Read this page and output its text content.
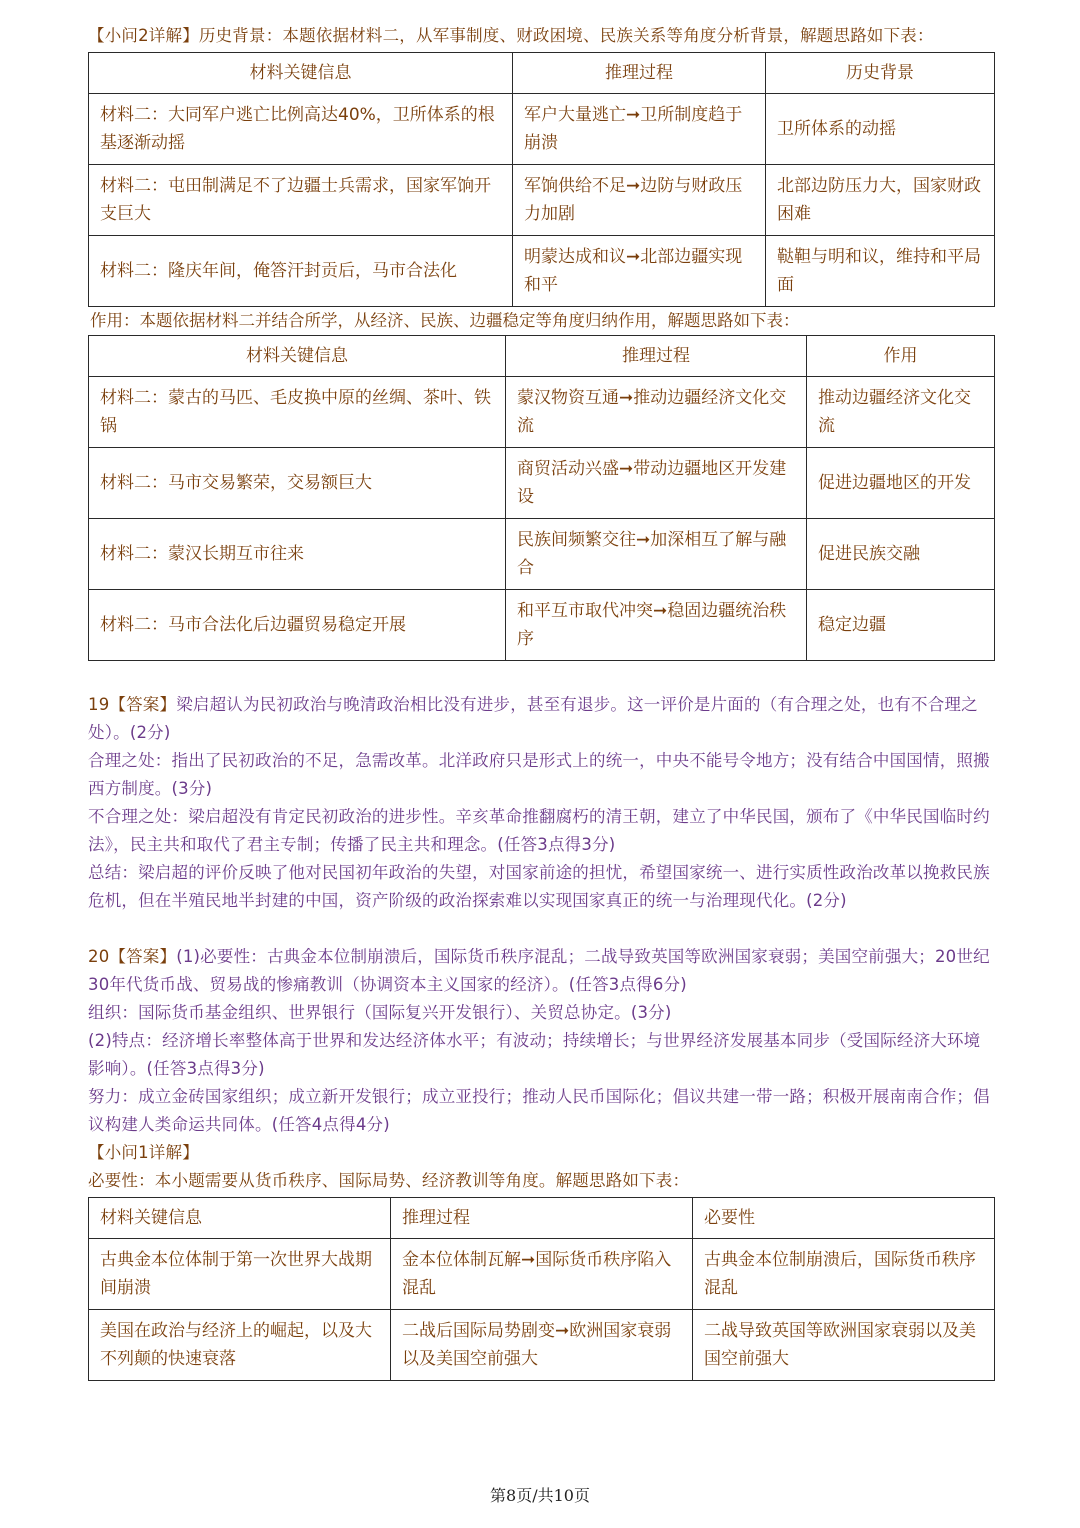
【小问2详解】历史背景：本题依据材料二，从军事制度、财政困境、民族关系等角度分析背景，解题思路如下表：
材料关键信息	推理过程	历史背景
材料二：大同军户逃亡比例高达40%，卫所体系的根基逐渐动摇	军户大量逃亡➞卫所制度趋于崩溃	卫所体系的动摇
材料二：屯田制满足不了边疆士兵需求，国家军饷开支巨大	军饷供给不足➞边防与财政压力加剧	北部边防压力大，国家财政困难
材料二：隆庆年间，俺答汗封贡后，马市合法化	明蒙达成和议➞北部边疆实现和平	鞑靼与明和议，维持和平局面
作用：本题依据材料二并结合所学，从经济、民族、边疆稳定等角度归纳作用，解题思路如下表：
材料关键信息	推理过程	作用
材料二：蒙古的马匹、毛皮换中原的丝绸、茶叶、铁锅	蒙汉物资互通➞推动边疆经济文化交流	推动边疆经济文化交流
材料二：马市交易繁荣，交易额巨大	商贸活动兴盛➞带动边疆地区开发建设	促进边疆地区的开发
材料二：蒙汉长期互市往来	民族间频繁交往➞加深相互了解与融合	促进民族交融
材料二：马市合法化后边疆贸易稳定开展	和平互市取代冲突➞稳固边疆统治秩序	稳定边疆
19【答案】梁启超认为民初政治与晚清政治相比没有进步，甚至有退步。这一评价是片面的（有合理之处，也有不合理之处）。(2分)
合理之处：指出了民初政治的不足，急需改革。北洋政府只是形式上的统一，中央不能号令地方；没有结合中国国情，照搬西方制度。(3分)
不合理之处：梁启超没有肯定民初政治的进步性。辛亥革命推翻腐朽的清王朝，建立了中华民国，颁布了《中华民国临时约法》，民主共和取代了君主专制；传播了民主共和理念。(任答3点得3分)
总结：梁启超的评价反映了他对民国初年政治的失望，对国家前途的担忧，希望国家统一、进行实质性政治改革以挽救民族危机，但在半殖民地半封建的中国，资产阶级的政治探索难以实现国家真正的统一与治理现代化。(2分)
20【答案】(1)必要性：古典金本位制崩溃后，国际货币秩序混乱；二战导致英国等欧洲国家衰弱；美国空前强大；20世纪30年代货币战、贸易战的惨痛教训（协调资本主义国家的经济）。(任答3点得6分)
组织：国际货币基金组织、世界银行（国际复兴开发银行）、关贸总协定。(3分)
(2)特点：经济增长率整体高于世界和发达经济体水平；有波动；持续增长；与世界经济发展基本同步（受国际经济大环境影响）。(任答3点得3分)
努力：成立金砖国家组织；成立新开发银行；成立亚投行；推动人民币国际化；倡议共建一带一路；积极开展南南合作；倡议构建人类命运共同体。(任答4点得4分)
【小问1详解】
必要性：本小题需要从货币秩序、国际局势、经济教训等角度。解题思路如下表：
材料关键信息	推理过程	必要性
古典金本位体制于第一次世界大战期间崩溃	金本位体制瓦解➞国际货币秩序陷入混乱	古典金本位制崩溃后，国际货币秩序混乱
美国在政治与经济上的崛起，以及大不列颠的快速衰落	二战后国际局势剧变➞欧洲国家衰弱以及美国空前强大	二战导致英国等欧洲国家衰弱以及美国空前强大
第8页/共10页
